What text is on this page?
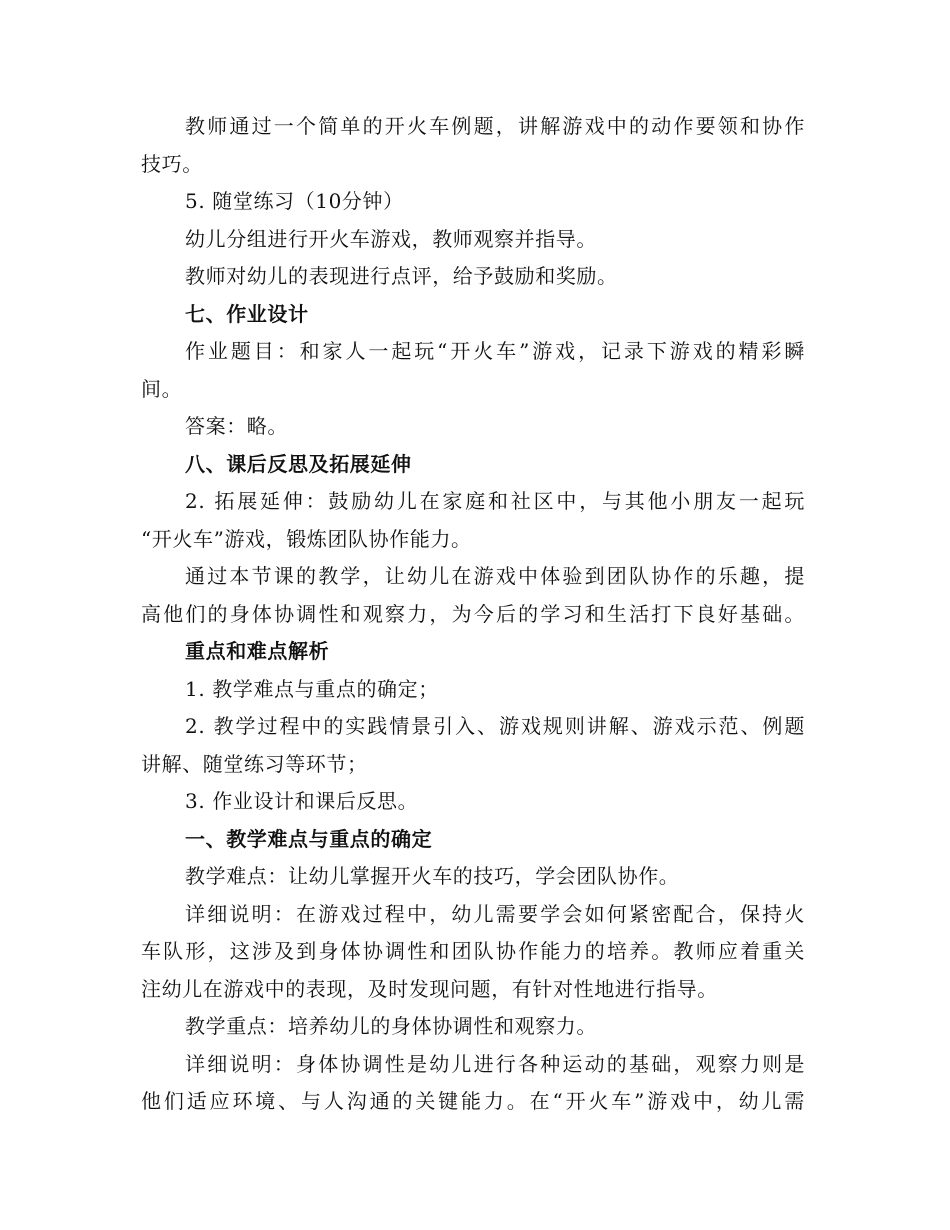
教师通过一个简单的开火车例题，讲解游戏中的动作要领和协作
技巧。
5. 随堂练习（10分钟）
幼儿分组进行开火车游戏，教师观察并指导。
教师对幼儿的表现进行点评，给予鼓励和奖励。
七、作业设计
作业题目：和家人一起玩“开火车”游戏，记录下游戏的精彩瞬
间。
答案：略。
八、课后反思及拓展延伸
2. 拓展延伸：鼓励幼儿在家庭和社区中，与其他小朋友一起玩
“开火车”游戏，锻炼团队协作能力。
通过本节课的教学，让幼儿在游戏中体验到团队协作的乐趣，提
高他们的身体协调性和观察力，为今后的学习和生活打下良好基础。
重点和难点解析
1. 教学难点与重点的确定；
2. 教学过程中的实践情景引入、游戏规则讲解、游戏示范、例题
讲解、随堂练习等环节；
3. 作业设计和课后反思。
一、教学难点与重点的确定
教学难点：让幼儿掌握开火车的技巧，学会团队协作。
详细说明：在游戏过程中，幼儿需要学会如何紧密配合，保持火
车队形，这涉及到身体协调性和团队协作能力的培养。教师应着重关
注幼儿在游戏中的表现，及时发现问题，有针对性地进行指导。
教学重点：培养幼儿的身体协调性和观察力。
详细说明：身体协调性是幼儿进行各种运动的基础，观察力则是
他们适应环境、与人沟通的关键能力。在“开火车”游戏中，幼儿需
